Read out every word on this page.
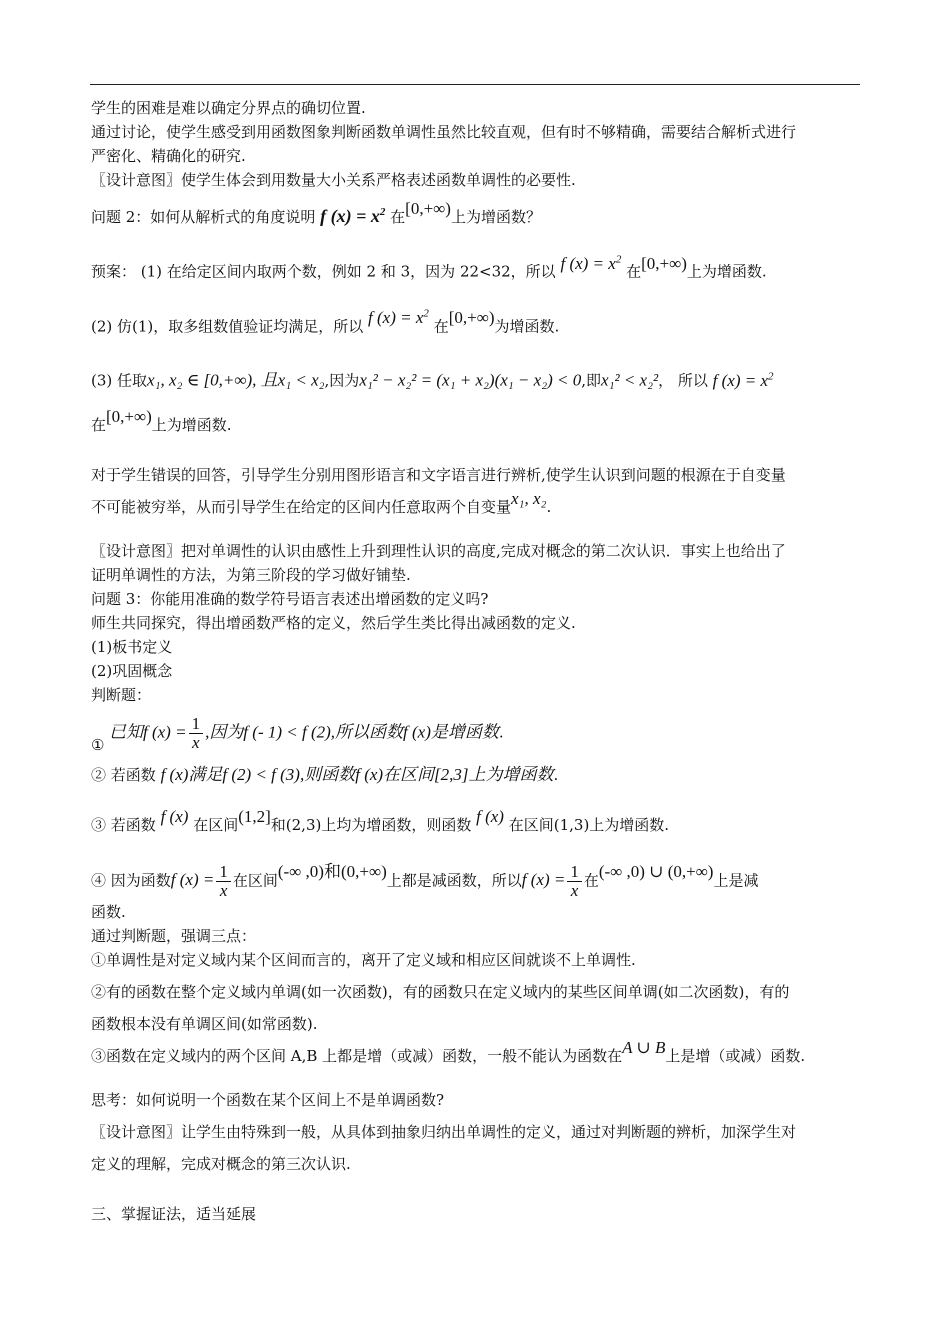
学生的困难是难以确定分界点的确切位置.

通过讨论，使学生感受到用函数图象判断函数单调性虽然比较直观，但有时不够精确，需要结合解析式进行

严密化、精确化的研究.

〖设计意图〗使学生体会到用数量大小关系严格表述函数单调性的必要性.

问题 2：如何从解析式的角度说明 f $(x) = x^2$ 在[0,+∞)上为增函数？

预案： (1) 在给定区间内取两个数，例如 2 和 3，因为 22<32，所以 f $(x) = x^2$ 在[0,+∞)上为增函数.

(2) 仿(1)，取多组数值验证均满足，所以 f $(x) = x^2$ 在[0,+∞)为增函数.

(3) 任取x₁, x₂ ∈ [0,+∞), 且x₁ < x₂,因为x₁² − x₂² = (x₁ + x₂)(x₁ − x₂) < 0,即x₁² < x₂²， 所以 f $(x) = x^2$

在[0,+∞)上为增函数.

对于学生错误的回答，引导学生分别用图形语言和文字语言进行辨析,使学生认识到问题的根源在于自变量

不可能被穷举，从而引导学生在给定的区间内任意取两个自变量x₁, x₂.

〖设计意图〗把对单调性的认识由感性上升到理性认识的高度,完成对概念的第二次认识．事实上也给出了

证明单调性的方法，为第三阶段的学习做好铺垫.

问题 3：你能用准确的数学符号语言表述出增函数的定义吗?

师生共同探究，得出增函数严格的定义，然后学生类比得出减函数的定义.

(1)板书定义

(2)巩固概念

判断题：

①
已知f $(x) = \frac{1}{x}$ ,因为f (- 1) < f (2),所以函数f (x)是增函数.

② 若函数 f (x)满足f (2) < f (3),则函数f (x)在区间[2,3]上为增函数.

③ 若函数 f (x) 在区间(1,2]和(2,3)上均为增函数，则函数 f (x) 在区间(1,3)上为增函数.

④ 因为函数f $(x) = \frac{1}{x}$ 在区间(-∞ ,0)和(0,+∞)上都是减函数，所以f $(x) = \frac{1}{x}$ 在(-∞ ,0) ∪ (0,+∞)上是减

函数.

通过判断题，强调三点：

①单调性是对定义域内某个区间而言的，离开了定义域和相应区间就谈不上单调性.

②有的函数在整个定义域内单调(如一次函数)，有的函数只在定义域内的某些区间单调(如二次函数)，有的

函数根本没有单调区间(如常函数).

③函数在定义域内的两个区间 A,B 上都是增（或减）函数，一般不能认为函数在A ∪ B上是增（或减）函数.

思考：如何说明一个函数在某个区间上不是单调函数?

〖设计意图〗让学生由特殊到一般，从具体到抽象归纳出单调性的定义，通过对判断题的辨析，加深学生对

定义的理解，完成对概念的第三次认识.

三、掌握证法，适当延展
